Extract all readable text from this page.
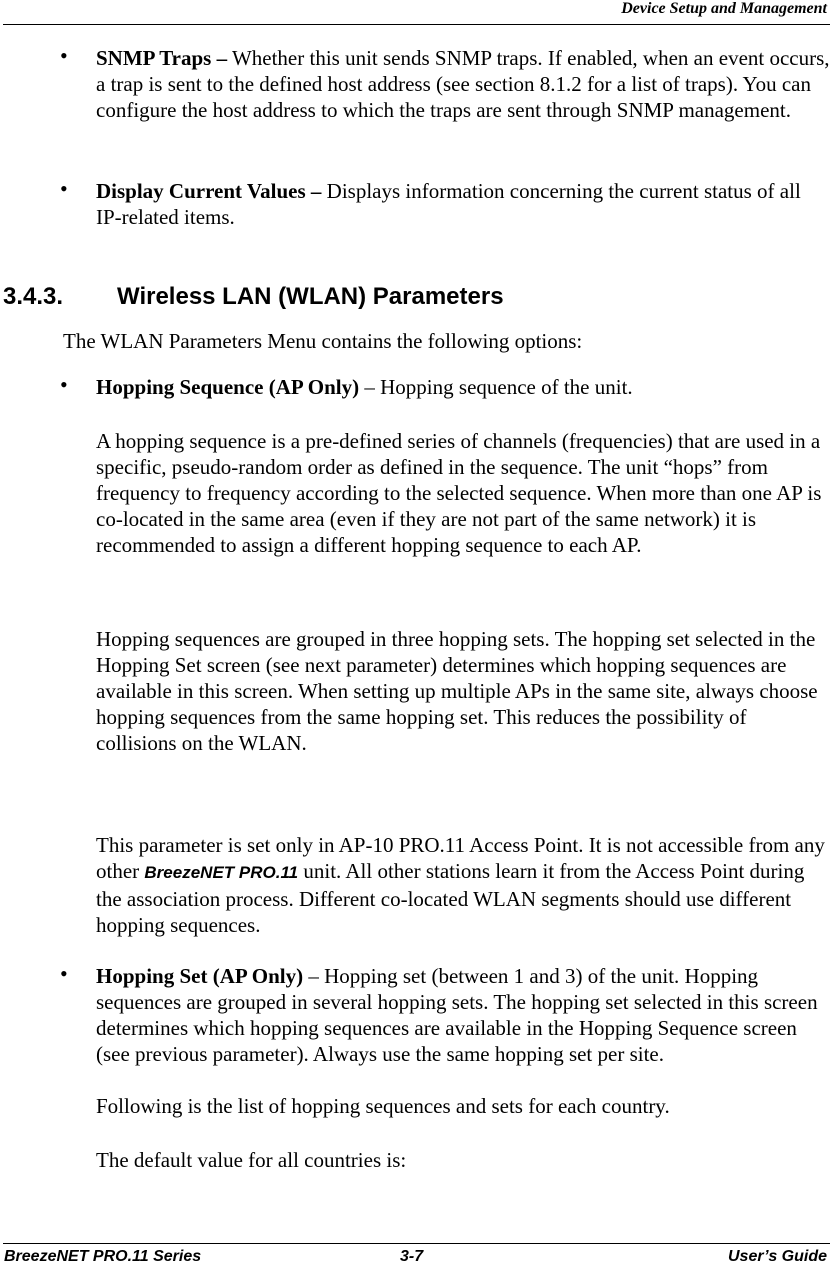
Device Setup and Management
• SNMP Traps – Whether this unit sends SNMP traps. If enabled, when an event occurs, a trap is sent to the defined host address (see section 8.1.2 for a list of traps). You can configure the host address to which the traps are sent through SNMP management.
• Display Current Values – Displays information concerning the current status of all IP-related items.
3.4.3. Wireless LAN (WLAN) Parameters
The WLAN Parameters Menu contains the following options:
• Hopping Sequence (AP Only) – Hopping sequence of the unit.
A hopping sequence is a pre-defined series of channels (frequencies) that are used in a specific, pseudo-random order as defined in the sequence. The unit “hops” from frequency to frequency according to the selected sequence. When more than one AP is co-located in the same area (even if they are not part of the same network) it is recommended to assign a different hopping sequence to each AP.
Hopping sequences are grouped in three hopping sets. The hopping set selected in the Hopping Set screen (see next parameter) determines which hopping sequences are available in this screen. When setting up multiple APs in the same site, always choose hopping sequences from the same hopping set. This reduces the possibility of collisions on the WLAN.
This parameter is set only in AP-10 PRO.11 Access Point. It is not accessible from any other BreezeNET PRO.11 unit. All other stations learn it from the Access Point during the association process. Different co-located WLAN segments should use different hopping sequences.
• Hopping Set (AP Only) – Hopping set (between 1 and 3) of the unit. Hopping sequences are grouped in several hopping sets. The hopping set selected in this screen determines which hopping sequences are available in the Hopping Sequence screen (see previous parameter). Always use the same hopping set per site.
Following is the list of hopping sequences and sets for each country.
The default value for all countries is:
BreezeNET PRO.11 Series	3-7	User’s Guide
